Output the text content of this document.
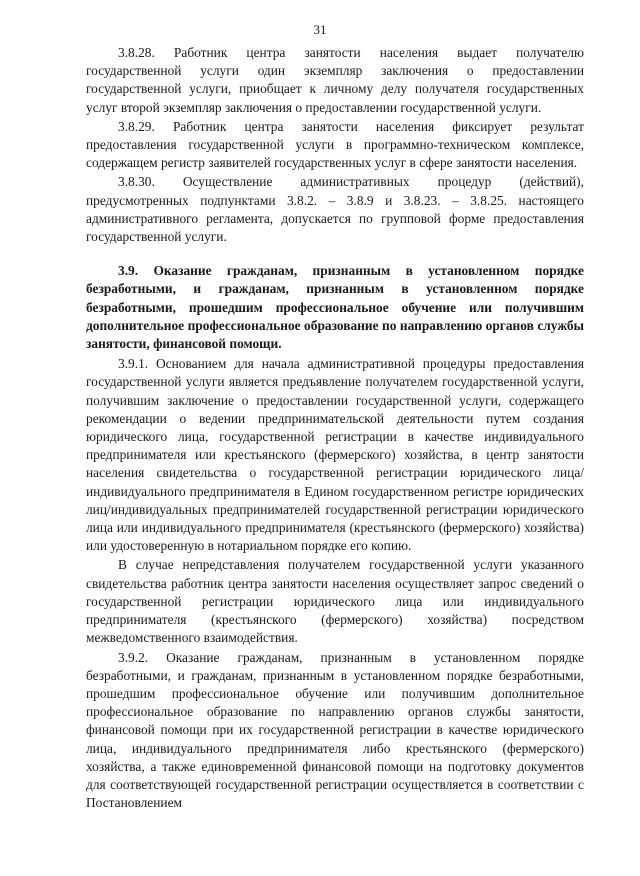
31

3.8.28. Работник центра занятости населения выдает получателю государственной услуги один экземпляр заключения о предоставлении государственной услуги, приобщает к личному делу получателя государственных услуг второй экземпляр заключения о предоставлении государственной услуги.

3.8.29. Работник центра занятости населения фиксирует результат предоставления государственной услуги в программно-техническом комплексе, содержащем регистр заявителей государственных услуг в сфере занятости населения.

3.8.30. Осуществление административных процедур (действий), предусмотренных подпунктами 3.8.2. – 3.8.9 и 3.8.23. – 3.8.25. настоящего административного регламента, допускается по групповой форме предоставления государственной услуги.

3.9. Оказание гражданам, признанным в установленном порядке безработными, и гражданам, признанным в установленном порядке безработными, прошедшим профессиональное обучение или получившим дополнительное профессиональное образование по направлению органов службы занятости, финансовой помощи.

3.9.1. Основанием для начала административной процедуры предоставления государственной услуги является предъявление получателем государственной услуги, получившим заключение о предоставлении государственной услуги, содержащего рекомендации о ведении предпринимательской деятельности путем создания юридического лица, государственной регистрации в качестве индивидуального предпринимателя или крестьянского (фермерского) хозяйства, в центр занятости населения свидетельства о государственной регистрации юридического лица/индивидуального предпринимателя в Едином государственном регистре юридических лиц/индивидуальных предпринимателей государственной регистрации юридического лица или индивидуального предпринимателя (крестьянского (фермерского) хозяйства) или удостоверенную в нотариальном порядке его копию.

В случае непредставления получателем государственной услуги указанного свидетельства работник центра занятости населения осуществляет запрос сведений о государственной регистрации юридического лица или индивидуального предпринимателя (крестьянского (фермерского) хозяйства) посредством межведомственного взаимодействия.

3.9.2. Оказание гражданам, признанным в установленном порядке безработными, и гражданам, признанным в установленном порядке безработными, прошедшим профессиональное обучение или получившим дополнительное профессиональное образование по направлению органов службы занятости, финансовой помощи при их государственной регистрации в качестве юридического лица, индивидуального предпринимателя либо крестьянского (фермерского) хозяйства, а также единовременной финансовой помощи на подготовку документов для соответствующей государственной регистрации осуществляется в соответствии с Постановлением
